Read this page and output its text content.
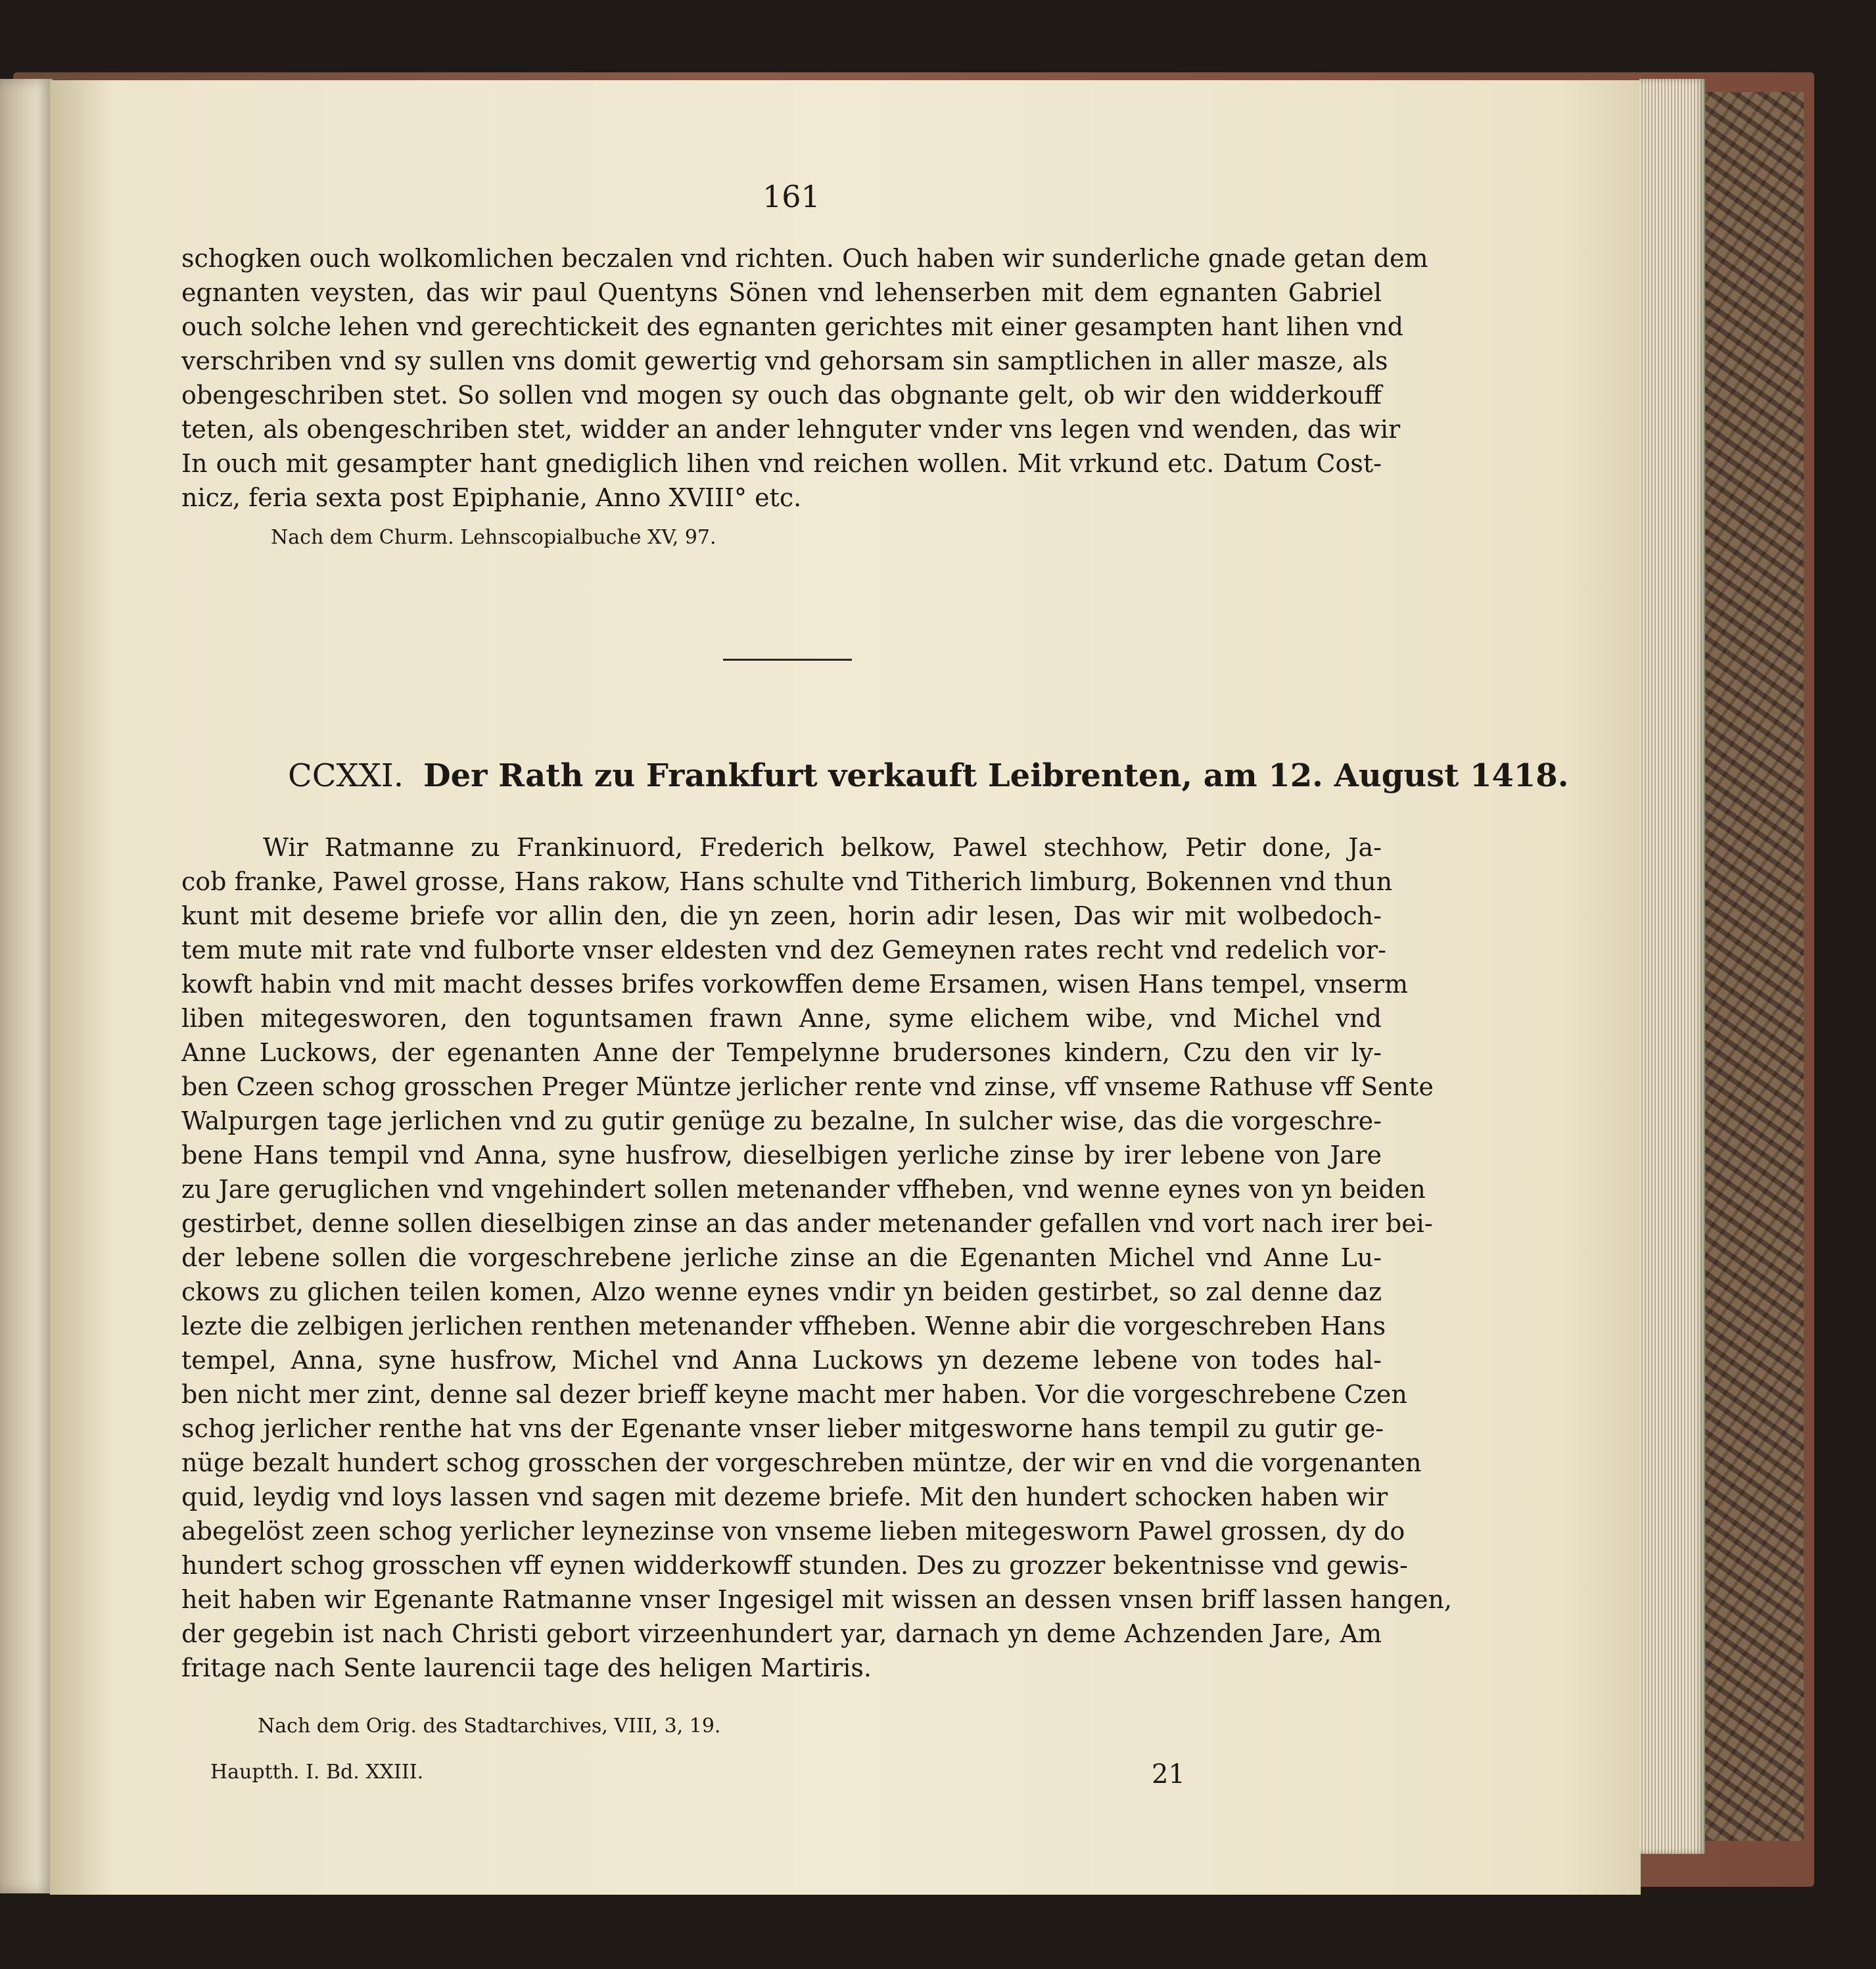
161
schogken ouch wolkomlichen beczalen vnd richten. Ouch haben wir sunderliche gnade getan dem
egnanten veysten, das wir paul Quentyns Sönen vnd lehenserben mit dem egnanten Gabriel
ouch solche lehen vnd gerechtickeit des egnanten gerichtes mit einer gesampten hant lihen vnd
verschriben vnd sy sullen vns domit gewertig vnd gehorsam sin samptlichen in aller masze, als
obengeschriben stet. So sollen vnd mogen sy ouch das obgnante gelt, ob wir den widderkouff
teten, als obengeschriben stet, widder an ander lehnguter vnder vns legen vnd wenden, das wir
In ouch mit gesampter hant gnediglich lihen vnd reichen wollen. Mit vrkund etc. Datum Cost-
nicz, feria sexta post Epiphanie, Anno XVIII° etc.
Nach dem Churm. Lehnscopialbuche XV, 97.
CCXXI. Der Rath zu Frankfurt verkauft Leibrenten, am 12. August 1418.
Wir Ratmanne zu Frankinuord, Frederich belkow, Pawel stechhow, Petir done, Ja-
cob franke, Pawel grosse, Hans rakow, Hans schulte vnd Titherich limburg, Bokennen vnd thun
kunt mit deseme briefe vor allin den, die yn zeen, horin adir lesen, Das wir mit wolbedoch-
tem mute mit rate vnd fulborte vnser eldesten vnd dez Gemeynen rates recht vnd redelich vor-
kowft habin vnd mit macht desses brifes vorkowffen deme Ersamen, wisen Hans tempel, vnserm
liben mitegesworen, den toguntsamen frawn Anne, syme elichem wibe, vnd Michel vnd
Anne Luckows, der egenanten Anne der Tempelynne brudersones kindern, Czu den vir ly-
ben Czeen schog grosschen Preger Müntze jerlicher rente vnd zinse, vff vnseme Rathuse vff Sente
Walpurgen tage jerlichen vnd zu gutir genüge zu bezalne, In sulcher wise, das die vorgeschre-
bene Hans tempil vnd Anna, syne husfrow, dieselbigen yerliche zinse by irer lebene von Jare
zu Jare geruglichen vnd vngehindert sollen metenander vffheben, vnd wenne eynes von yn beiden
gestirbet, denne sollen dieselbigen zinse an das ander metenander gefallen vnd vort nach irer bei-
der lebene sollen die vorgeschrebene jerliche zinse an die Egenanten Michel vnd Anne Lu-
ckows zu glichen teilen komen, Alzo wenne eynes vndir yn beiden gestirbet, so zal denne daz
lezte die zelbigen jerlichen renthen metenander vffheben. Wenne abir die vorgeschreben Hans
tempel, Anna, syne husfrow, Michel vnd Anna Luckows yn dezeme lebene von todes hal-
ben nicht mer zint, denne sal dezer brieff keyne macht mer haben. Vor die vorgeschrebene Czen
schog jerlicher renthe hat vns der Egenante vnser lieber mitgesworne hans tempil zu gutir ge-
nüge bezalt hundert schog grosschen der vorgeschreben müntze, der wir en vnd die vorgenanten
quid, leydig vnd loys lassen vnd sagen mit dezeme briefe. Mit den hundert schocken haben wir
abegelöst zeen schog yerlicher leynezinse von vnseme lieben mitegesworn Pawel grossen, dy do
hundert schog grosschen vff eynen widderkowff stunden. Des zu grozzer bekentnisse vnd gewis-
heit haben wir Egenante Ratmanne vnser Ingesigel mit wissen an dessen vnsen briff lassen hangen,
der gegebin ist nach Christi gebort virzeenhundert yar, darnach yn deme Achzenden Jare, Am
fritage nach Sente laurencii tage des heligen Martiris.
Nach dem Orig. des Stadtarchives, VIII, 3, 19.
Hauptth. I. Bd. XXIII.	21
